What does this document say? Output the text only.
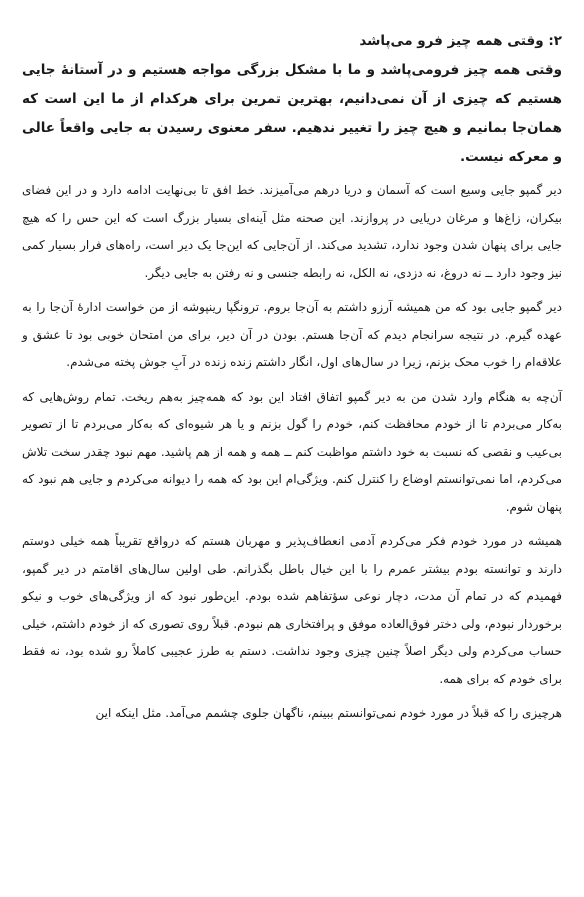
۲: وقتی همه چیز فرو می‌پاشد
وقتی همه چیز فرومی‌پاشد و ما با مشکل بزرگی مواجه هستیم و در آستانهٔ جایی هستیم که چیزی از آن نمی‌دانیم، بهترین تمرین برای هرکدام از ما این است که همان‌جا بمانیم و هیچ چیز را تغییر ندهیم. سفر معنوی رسیدن به جایی واقعاً عالی و معرکه نیست.

دیر گمپو جایی وسیع است که آسمان و دریا درهم می‌آمیزند. خط افق تا بی‌نهایت ادامه دارد و در این فضای بیکران، زاغ‌ها و مرغان دریایی در پروازند. این صحنه مثل آینه‌ای بسیار بزرگ است که این حس را که هیچ جایی برای پنهان شدن وجود ندارد، تشدید می‌کند. از آن‌جایی که این‌جا یک دیر است، راه‌های فرار بسیار کمی نیز وجود دارد ــ نه دروغ، نه دزدی، نه الکل، نه رابطه جنسی و نه رفتن به جایی دیگر.

دیر گمپو جایی بود که من همیشه آرزو داشتم به آن‌جا بروم. ترونگپا رینپوشه از من خواست ادارهٔ آن‌جا را به عهده گیرم. در نتیجه سرانجام دیدم که آن‌جا هستم. بودن در آن دیر، برای من امتحان خوبی بود تا عشق و علاقه‌ام را خوب محک بزنم، زیرا در سال‌های اول، انگار داشتم زنده زنده در آبِ جوش پخته می‌شدم.

آن‌چه به هنگام وارد شدن من به دیر گمپو اتفاق افتاد این بود که همه‌چیز به‌هم ریخت. تمام روش‌هایی که به‌کار می‌بردم تا از خودم محافظت کنم، خودم را گول بزنم و یا هر شیوه‌ای که به‌کار می‌بردم تا از تصویر بی‌عیب و نقصی که نسبت به خود داشتم مواظبت کنم ــ همه و همه از هم پاشید. مهم نبود چقدر سخت تلاش می‌کردم، اما نمی‌توانستم اوضاع را کنترل کنم. ویژگی‌ام این بود که همه را دیوانه می‌کردم و جایی هم نبود که پنهان شوم.

همیشه در مورد خودم فکر می‌کردم آدمی انعطاف‌پذیر و مهربان هستم که درواقع تقریباً همه خیلی دوستم دارند و توانسته بودم بیشتر عمرم را با این خیال باطل بگذرانم. طی اولین سال‌های اقامتم در دیر گمپو، فهمیدم که در تمام آن مدت، دچار نوعی سؤتفاهم شده بودم. این‌طور نبود که از ویژگی‌های خوب و نیکو برخوردار نبودم، ولی دختر فوق‌العاده موفق و پرافتخاری هم نبودم. قبلاً روی تصوری که از خودم داشتم، خیلی حساب می‌کردم ولی دیگر اصلاً چنین چیزی وجود نداشت. دستم به طرز عجیبی کاملاً رو شده بود، نه فقط برای خودم که برای همه.

هرچیزی را که قبلاً در مورد خودم نمی‌توانستم ببینم، ناگهان جلوی چشمم می‌آمد. مثل اینکه این
